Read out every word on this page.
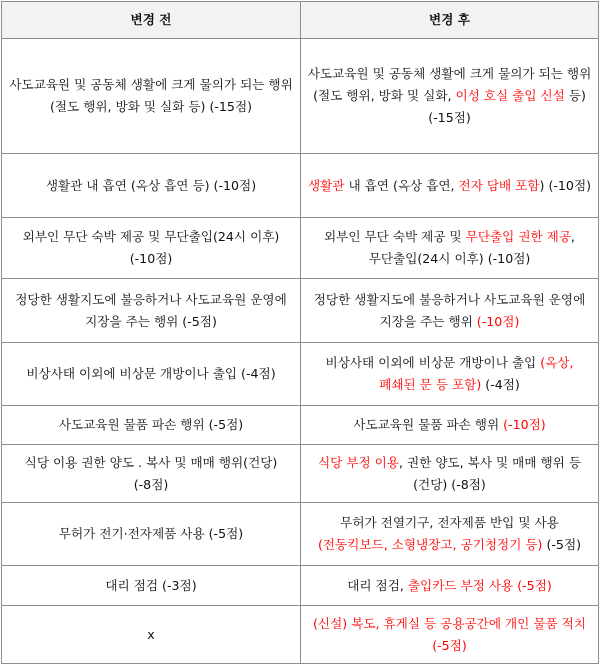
변경 전	변경 후
사도교육원 및 공동체 생활에 크게 물의가 되는 행위(절도 행위, 방화 및 실화 등) (-15점)	사도교육원 및 공동체 생활에 크게 물의가 되는 행위(절도 행위, 방화 및 실화, 이성 호실 출입 신설 등) (-15점)
생활관 내 흡연 (옥상 흡연 등) (-10점)	생활관 내 흡연 (옥상 흡연, 전자 담배 포함) (-10점)
외부인 무단 숙박 제공 및 무단출입(24시 이후) (-10점)	외부인 무단 숙박 제공 및 무단출입 권한 제공, 무단출입(24시 이후) (-10점)
정당한 생활지도에 불응하거나 사도교육원 운영에 지장을 주는 행위 (-5점)	정당한 생활지도에 불응하거나 사도교육원 운영에 지장을 주는 행위 (-10점)
비상사태 이외에 비상문 개방이나 출입 (-4점)	비상사태 이외에 비상문 개방이나 출입 (옥상, 폐쇄된 문 등 포함) (-4점)
사도교육원 물품 파손 행위 (-5점)	사도교육원 물품 파손 행위 (-10점)
식당 이용 권한 양도 . 복사 및 매매 행위(건당) (-8점)	식당 부정 이용, 권한 양도, 복사 및 매매 행위 등 (건당) (-8점)
무허가 전기·전자제품 사용 (-5점)	무허가 전열기구, 전자제품 반입 및 사용 (전동킥보드, 소형냉장고, 공기청정기 등) (-5점)
대리 점검 (-3점)	대리 점검, 출입카드 부정 사용 (-5점)
x	(신설) 복도, 휴게실 등 공용공간에 개인 물품 적치(-5점)
